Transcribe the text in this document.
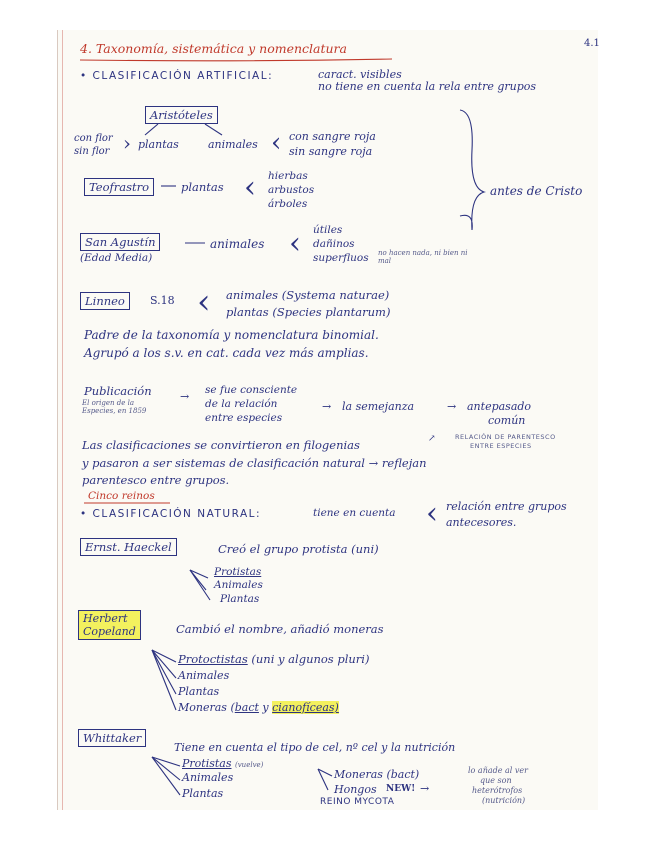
4. Taxonomía, sistemática y nomenclatura	4.1
• CLASIFICACIÓN ARTIFICIAL:	caract. visibles
no tiene en cuenta la rela entre grupos
Aristóteles
con flor
sin flor › plantas	animales ‹ con sangre roja
sin sangre roja
Teofrastro	plantas ‹ hierbas
arbustos
árboles
antes de Cristo
San Agustín
(Edad Media)
animales ‹ útiles
dañinos
superfluos no hacen nada, ni bien ni mal
Linneo	S.18 ‹ animales (Systema naturae)
plantas (Species plantarum)
Padre de la taxonomía y nomenclatura binomial.
Agrupó a los s.v. en cat. cada vez más amplias.
Publicación
El origen de la
Especies, en 1859
→ se fue consciente
de la relación
entre especies
→ la semejanza	→ antepasado
común
Las clasificaciones se convirtieron en filogenias	↗	RELACIÓN DE PARENTESCO
ENTRE ESPECIES
y pasaron a ser sistemas de clasificación natural → reflejan
parentesco entre grupos.
Cinco reinos
• CLASIFICACIÓN NATURAL:	tiene en cuenta ‹ relación entre grupos
antecesores.
Ernst. Haeckel	Creó el grupo protista (uni)
Protistas
Animales
Plantas
Herbert
Copeland	Cambió el nombre, añadió moneras
Protoctistas (uni y algunos pluri)
Animales
Plantas
Moneras (bact y cianofíceas)
Whittaker
Tiene en cuenta el tipo de cel, nº cel y la nutrición
Protistas (vuelve)
Animales
Plantas
Moneras (bact)
Hongos NEW! →
REINO MYCOTA
lo añade al ver
que son
heterótrofos
(nutrición)
